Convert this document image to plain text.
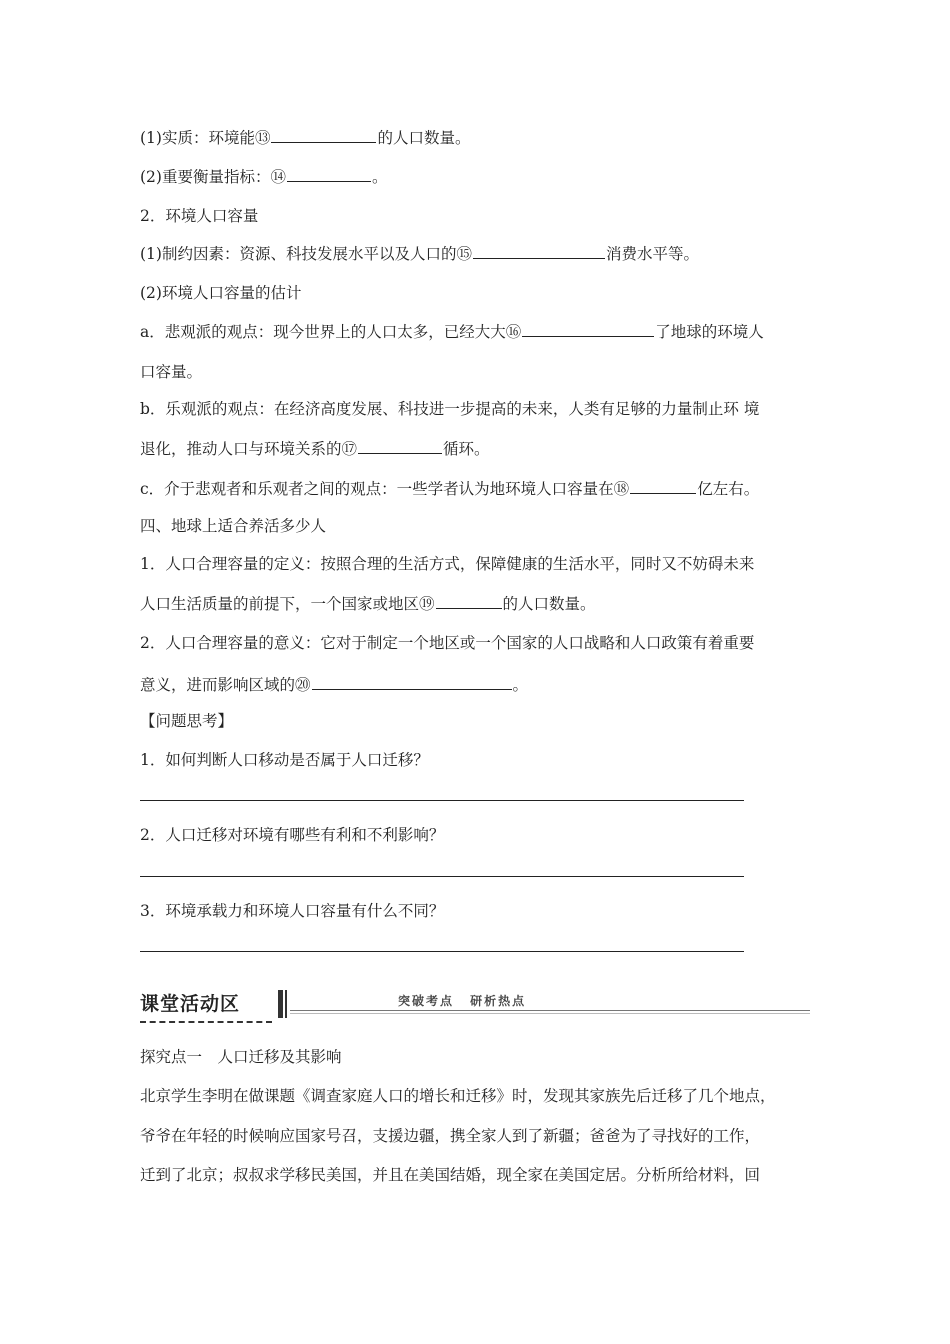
(1)实质：环境能⑬	的人口数量。
(2)重要衡量指标：⑭	。
2．环境人口容量
(1)制约因素：资源、科技发展水平以及人口的⑮	消费水平等。
(2)环境人口容量的估计
a．悲观派的观点：现今世界上的人口太多，已经大大⑯	了地球的环境人
口容量。
b．乐观派的观点：在经济高度发展、科技进一步提高的未来，人类有足够的力量制止环 境
退化，推动人口与环境关系的⑰	循环。
c．介于悲观者和乐观者之间的观点：一些学者认为地环境人口容量在⑱	亿左右。
四、地球上适合养活多少人
1．人口合理容量的定义：按照合理的生活方式，保障健康的生活水平，同时又不妨碍未来
人口生活质量的前提下，一个国家或地区⑲	的人口数量。
2．人口合理容量的意义：它对于制定一个地区或一个国家的人口战略和人口政策有着重要
意义，进而影响区域的⑳	。
【问题思考】
1．如何判断人口移动是否属于人口迁移？
2．人口迁移对环境有哪些有利和不利影响？
3．环境承载力和环境人口容量有什么不同？
课堂活动区	突破考点 研析热点
探究点一　人口迁移及其影响
北京学生李明在做课题《调查家庭人口的增长和迁移》时，发现其家族先后迁移了几个地点，
爷爷在年轻的时候响应国家号召，支援边疆，携全家人到了新疆；爸爸为了寻找好的工作，
迁到了北京；叔叔求学移民美国，并且在美国结婚，现全家在美国定居。分析所给材料，回
